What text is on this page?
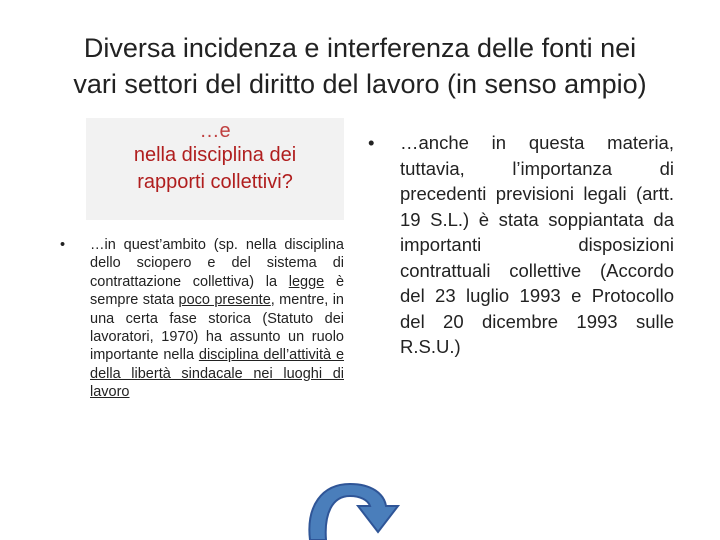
Diversa incidenza e interferenza delle fonti nei
vari settori del diritto del lavoro (in senso ampio)
…e
nella disciplina dei
rapporti collettivi?
• …in quest’ambito (sp. nella disciplina dello sciopero e del sistema di contrattazione collettiva) la legge è sempre stata poco presente, mentre, in una certa fase storica (Statuto dei lavoratori, 1970) ha assunto un ruolo importante nella disciplina dell’attività e della libertà sindacale nei luoghi di lavoro
• …anche in questa materia, tuttavia, l’importanza di precedenti previsioni legali (artt. 19 S.L.) è stata soppiantata da importanti disposizioni contrattuali collettive (Accordo del 23 luglio 1993 e Protocollo del 20 dicembre 1993 sulle R.S.U.)
